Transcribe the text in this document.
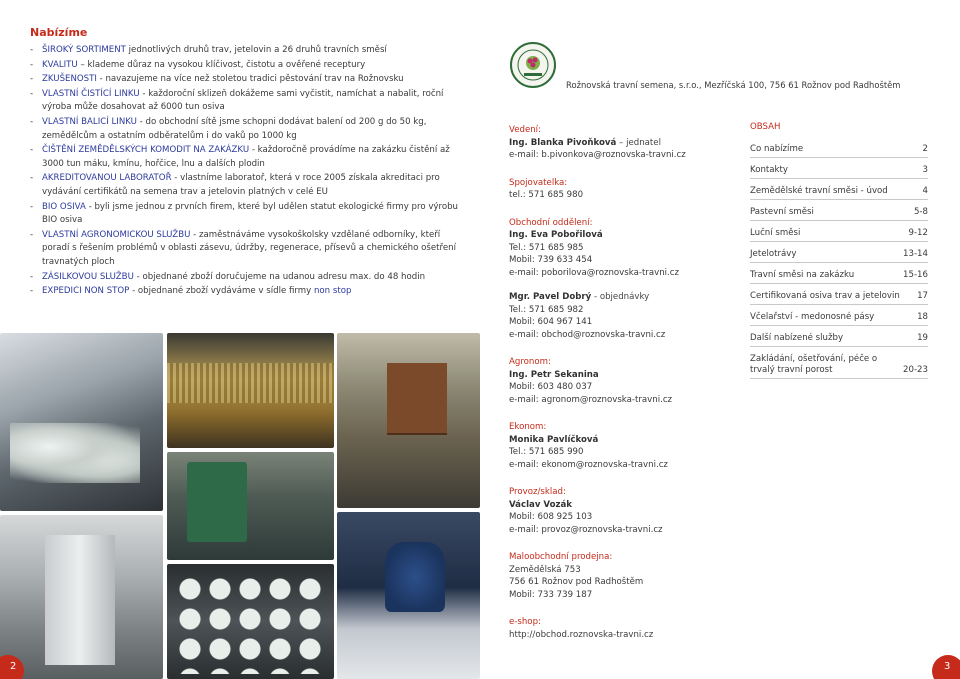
Nabízíme
- ŠIROKÝ SORTIMENT jednotlivých druhů trav, jetelovin a 26 druhů travních směsí
- KVALITU – klademe důraz na vysokou klíčivost, čistotu a ověřené receptury
- ZKUŠENOSTI - navazujeme na více než stoletou tradici pěstování trav na Rožnovsku
- VLASTNÍ ČISTÍCÍ LINKU - každoroční sklizeň dokážeme sami vyčistit, namíchat a nabalit, roční výroba může dosahovat až 6000 tun osiva
- VLASTNÍ BALICÍ LINKU - do obchodní sítě jsme schopni dodávat balení od 200 g do 50 kg, zemědělcům a ostatním odběratelům i do vaků po 1000 kg
- ČIŠTĚNÍ ZEMĚDĚLSKÝCH KOMODIT NA ZAKÁZKU - každoročně provádíme na zakázku čistění až 3000 tun máku, kmínu, hořčice, lnu a dalších plodin
- AKREDITOVANOU LABORATOŘ - vlastníme laboratoř, která v roce 2005 získala akreditaci pro vydávání certifikátů na semena trav a jetelovin platných v celé EU
- BIO OSIVA - byli jsme jednou z prvních firem, které byl udělen statut ekologické firmy pro výrobu BIO osiva
- VLASTNÍ AGRONOMICKOU SLUŽBU - zaměstnáváme vysokoškolsky vzdělané odborníky, kteří poradí s řešením problémů v oblasti zásevu, údržby, regenerace, přísevů a chemického ošetření travnatých ploch
- ZÁSILKOVOU SLUŽBU - objednané zboží doručujeme na udanou adresu max. do 48 hodin
- EXPEDICI NON STOP - objednané zboží vydáváme v sídle firmy non stop
2
Rožnovská travní semena, s.r.o., Mezříčská 100, 756 61 Rožnov pod Radhoštěm
Vedení:
Ing. Blanka Pivoňková – jednatel
e-mail: b.pivonkova@roznovska-travni.cz
Spojovatelka:
tel.: 571 685 980
Obchodní oddělení:
Ing. Eva Pobořilová
Tel.: 571 685 985
Mobil: 739 633 454
e-mail: poborilova@roznovska-travni.cz
Mgr. Pavel Dobrý - objednávky
Tel.: 571 685 982
Mobil: 604 967 141
e-mail: obchod@roznovska-travni.cz
Agronom:
Ing. Petr Sekanina
Mobil: 603 480 037
e-mail: agronom@roznovska-travni.cz
Ekonom:
Monika Pavlíčková
Tel.: 571 685 990
e-mail: ekonom@roznovska-travni.cz
Provoz/sklad:
Václav Vozák
Mobil: 608 925 103
e-mail: provoz@roznovska-travni.cz
Maloobchodní prodejna:
Zemědělská 753
756 61 Rožnov pod Radhoštěm
Mobil: 733 739 187
e-shop:
http://obchod.roznovska-travni.cz
OBSAH
Co nabízíme	2
Kontakty	3
Zemědělské travní směsi - úvod	4
Pastevní směsi	5-8
Luční směsi	9-12
Jetelotrávy	13-14
Travní směsi na zakázku	15-16
Certifikovaná osiva trav a jetelovin 17
Včelařství - medonosné pásy	18
Další nabízené služby	19
Zakládání, ošetřování, péče o trvalý travní porost	20-23
3
